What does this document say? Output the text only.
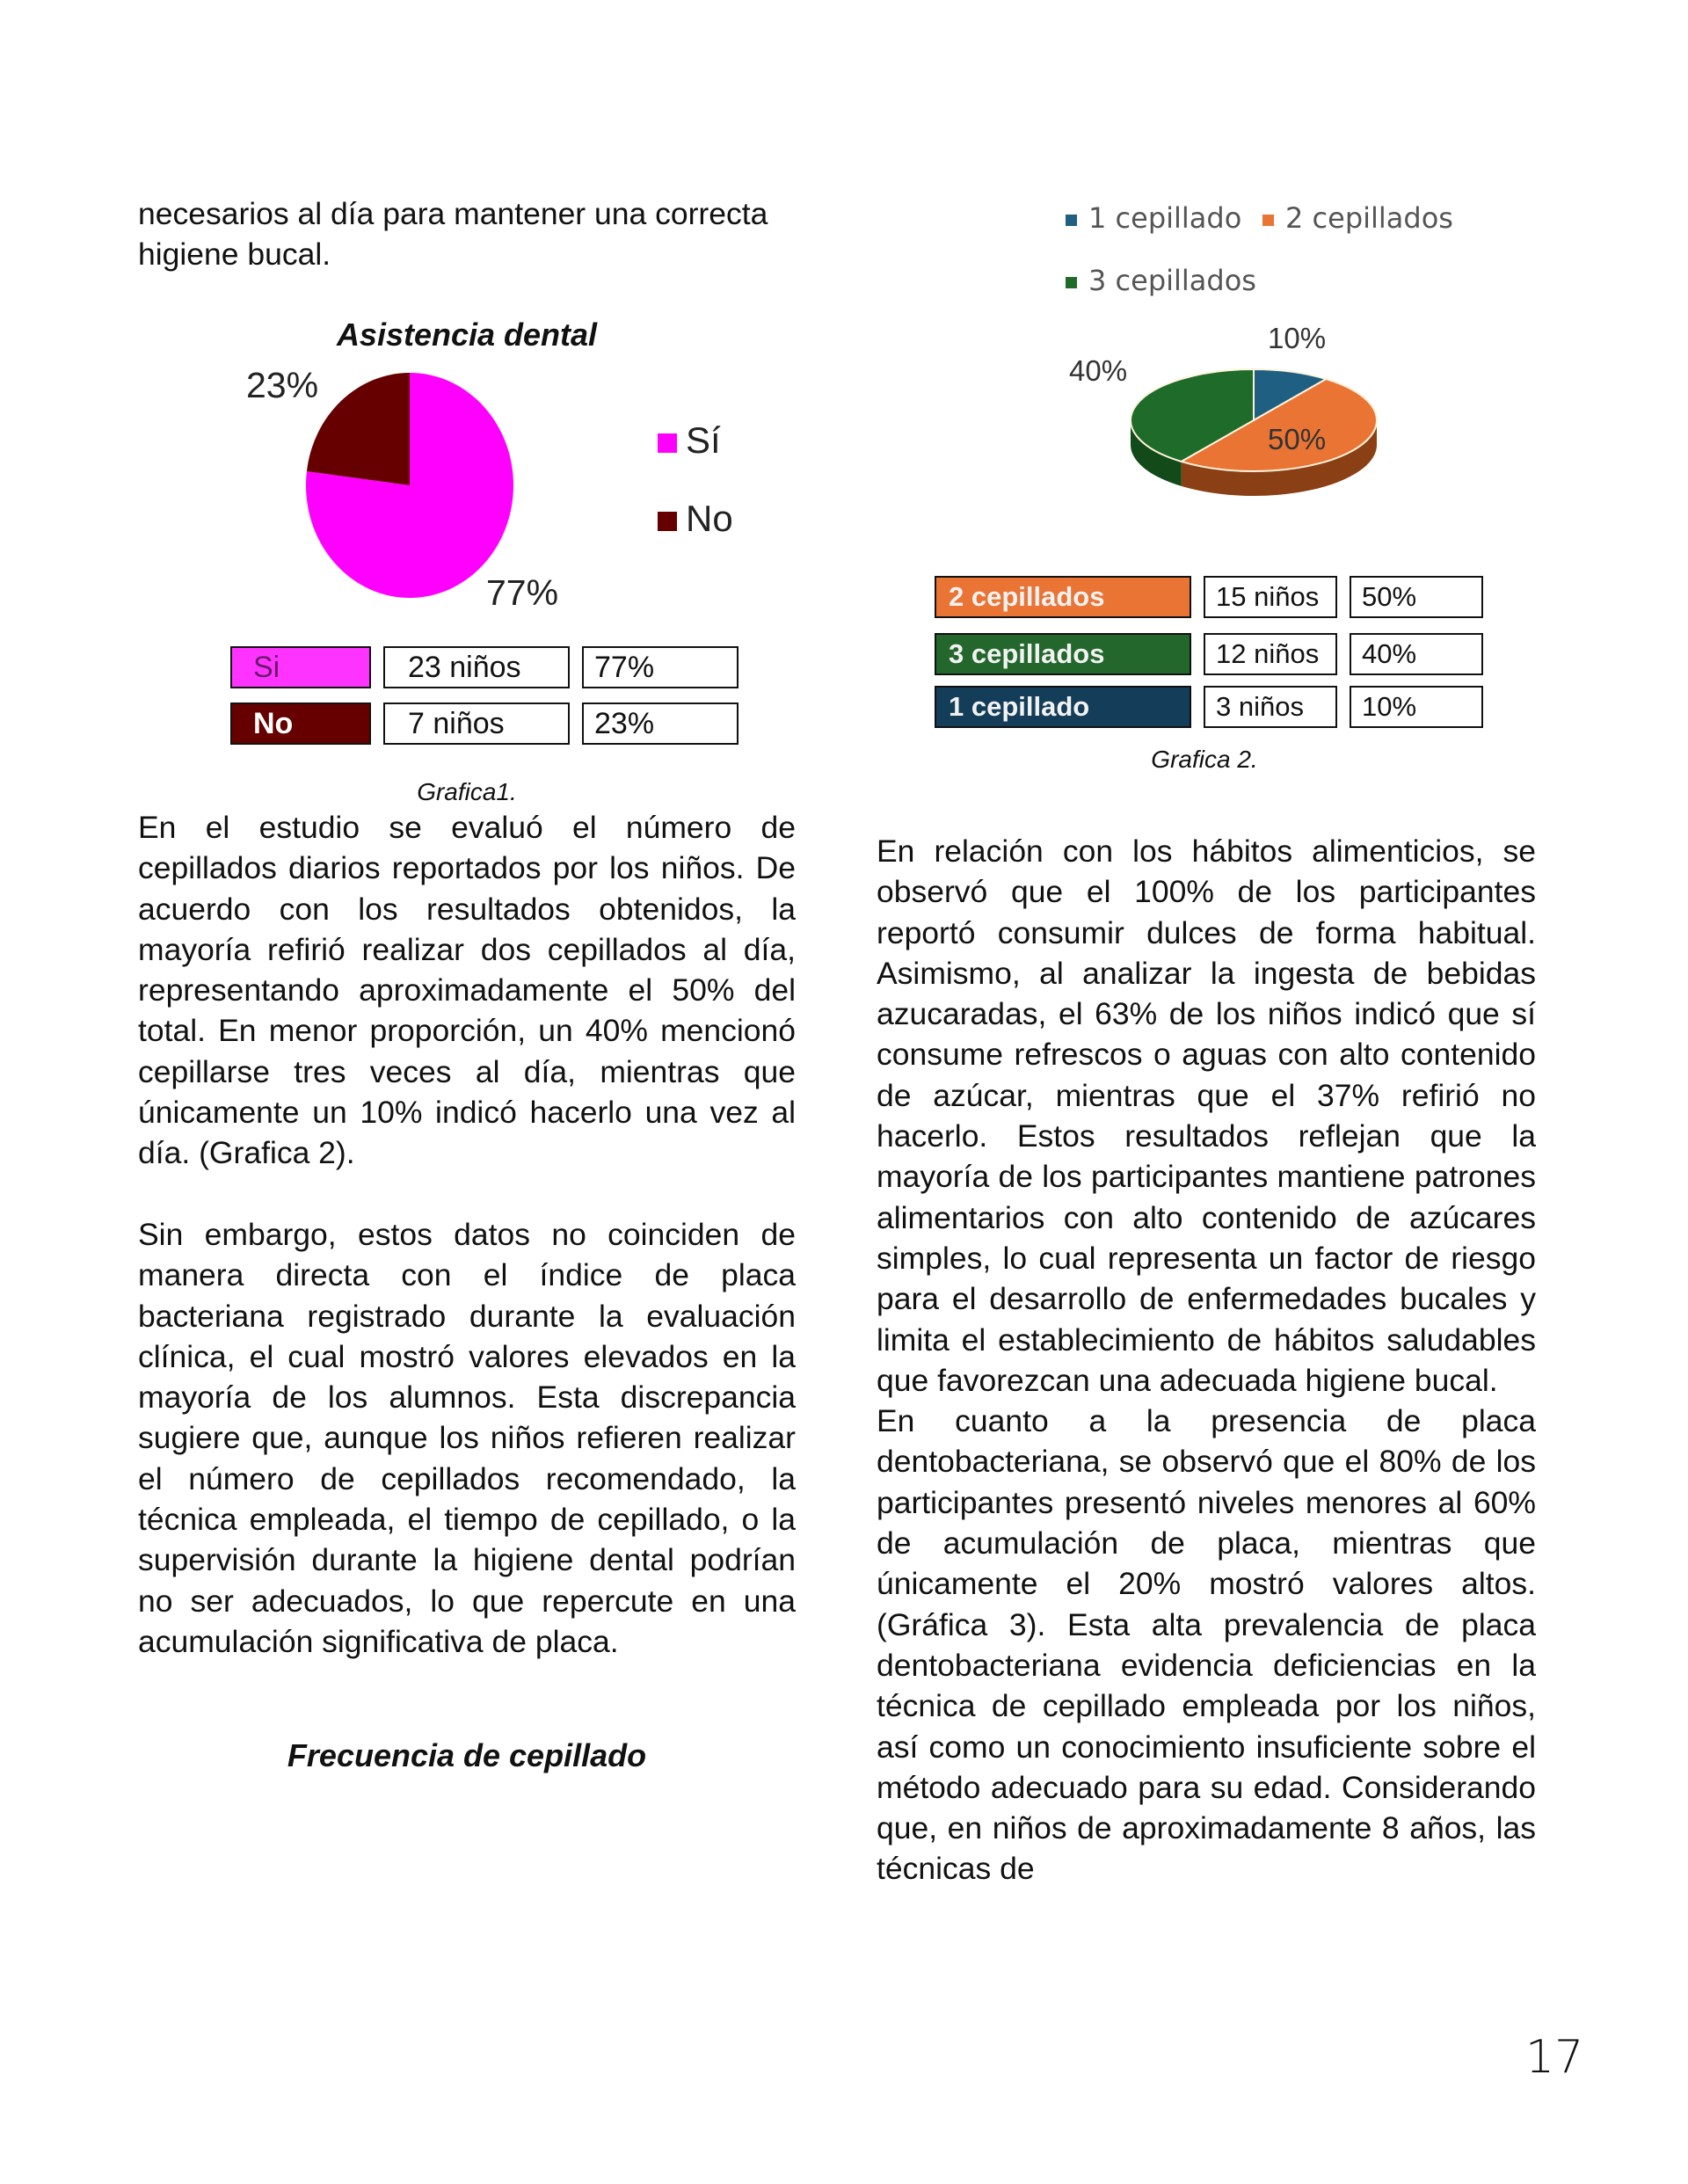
necesarios al día para mantener una correcta higiene bucal.

Asistencia dental
23%
77%
Sí
No
Si	23 niños	77%
No	7 niños	23%
Grafica1.

En el estudio se evaluó el número de cepillados diarios reportados por los niños. De acuerdo con los resultados obtenidos, la mayoría refirió realizar dos cepillados al día, representando aproximadamente el 50% del total. En menor proporción, un 40% mencionó cepillarse tres veces al día, mientras que únicamente un 10% indicó hacerlo una vez al día. (Grafica 2).

Sin embargo, estos datos no coinciden de manera directa con el índice de placa bacteriana registrado durante la evaluación clínica, el cual mostró valores elevados en la mayoría de los alumnos. Esta discrepancia sugiere que, aunque los niños refieren realizar el número de cepillados recomendado, la técnica empleada, el tiempo de cepillado, o la supervisión durante la higiene dental podrían no ser adecuados, lo que repercute en una acumulación significativa de placa.

Frecuencia de cepillado
1 cepillado 2 cepillados
3 cepillados
10%
50%
40%
2 cepillados	15 niños	50%
3 cepillados	12 niños	40%
1 cepillado	3 niños	10%
Grafica 2.

En relación con los hábitos alimenticios, se observó que el 100% de los participantes reportó consumir dulces de forma habitual. Asimismo, al analizar la ingesta de bebidas azucaradas, el 63% de los niños indicó que sí consume refrescos o aguas con alto contenido de azúcar, mientras que el 37% refirió no hacerlo. Estos resultados reflejan que la mayoría de los participantes mantiene patrones alimentarios con alto contenido de azúcares simples, lo cual representa un factor de riesgo para el desarrollo de enfermedades bucales y limita el establecimiento de hábitos saludables que favorezcan una adecuada higiene bucal.

En cuanto a la presencia de placa dentobacteriana, se observó que el 80% de los participantes presentó niveles menores al 60% de acumulación de placa, mientras que únicamente el 20% mostró valores altos. (Gráfica 3). Esta alta prevalencia de placa dentobacteriana evidencia deficiencias en la técnica de cepillado empleada por los niños, así como un conocimiento insuficiente sobre el método adecuado para su edad. Considerando que, en niños de aproximadamente 8 años, las técnicas de

17
